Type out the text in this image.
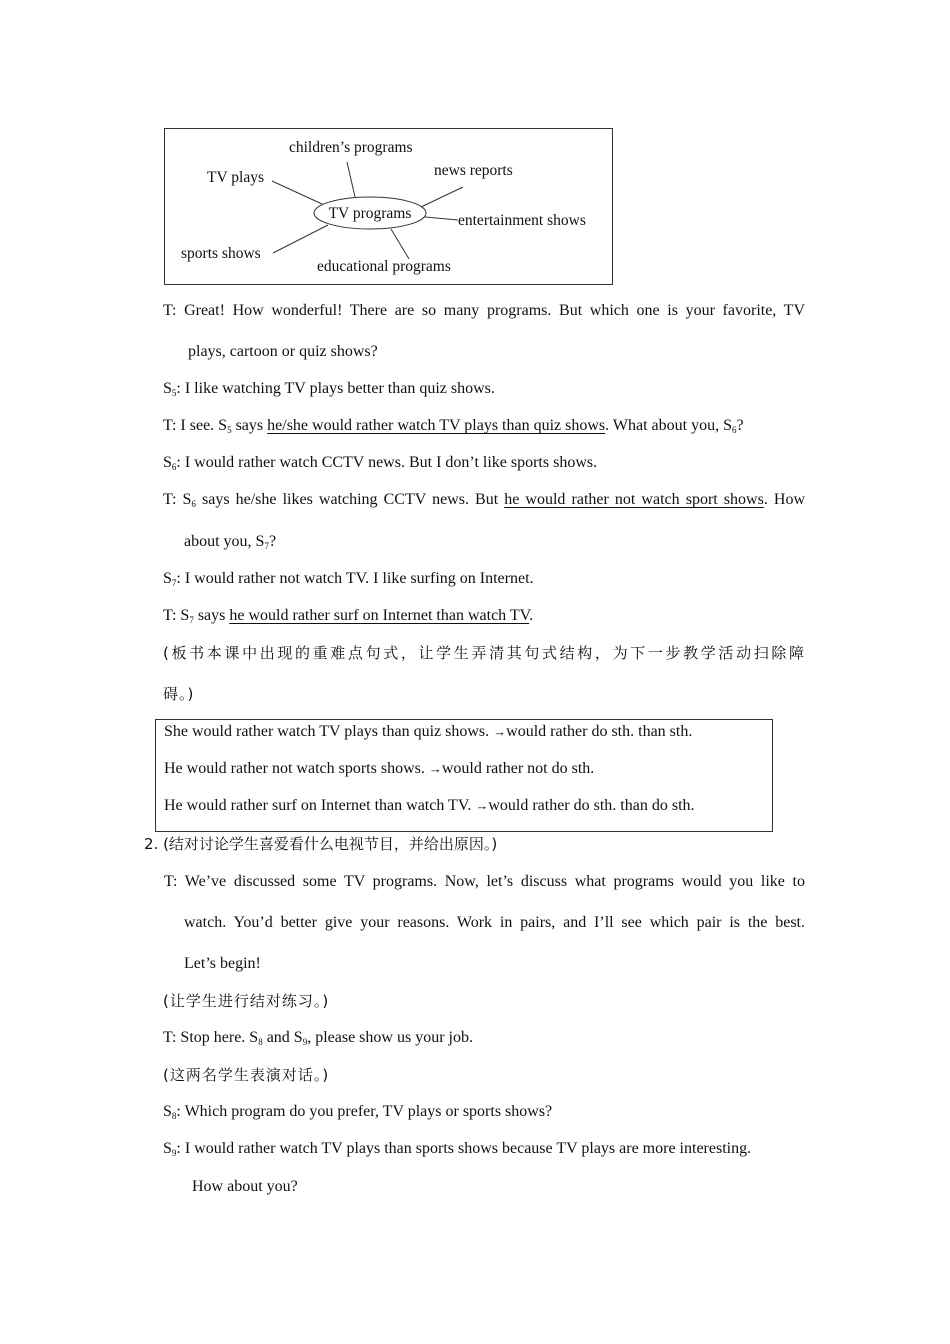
TV programs
children’s programs
TV plays	news reports
entertainment shows
sports shows
educational programs
T: Great! How wonderful! There are so many programs. But which one is your favorite, TV
plays, cartoon or quiz shows?
$S_5$: I like watching TV plays better than quiz shows.
T: I see. $S_5$ says he/she would rather watch TV plays than quiz shows. What about you, $S_6$?
$S_6$: I would rather watch CCTV news. But I don’t like sports shows.
T: $S_6$ says he/she likes watching CCTV news. But he would rather not watch sport shows. How
about you, $S_7$?
$S_7$: I would rather not watch TV. I like surfing on Internet.
T: $S_7$ says he would rather surf on Internet than watch TV.
(板书本课中出现的重难点句式，让学生弄清其句式结构，为下一步教学活动扫除障
碍。)
She would rather watch TV plays than quiz shows. →would rather do sth. than sth.
He would rather not watch sports shows. →would rather not do sth.
He would rather surf on Internet than watch TV. →would rather do sth. than do sth.
2. (结对讨论学生喜爱看什么电视节目，并给出原因。)
T: We’ve discussed some TV programs. Now, let’s discuss what programs would you like to
watch. You’d better give your reasons. Work in pairs, and I’ll see which pair is the best.
Let’s begin!
(让学生进行结对练习。)
T: Stop here. $S_8$ and $S_9$, please show us your job.
(这两名学生表演对话。)
$S_8$: Which program do you prefer, TV plays or sports shows?
$S_9$: I would rather watch TV plays than sports shows because TV plays are more interesting.
How about you?
